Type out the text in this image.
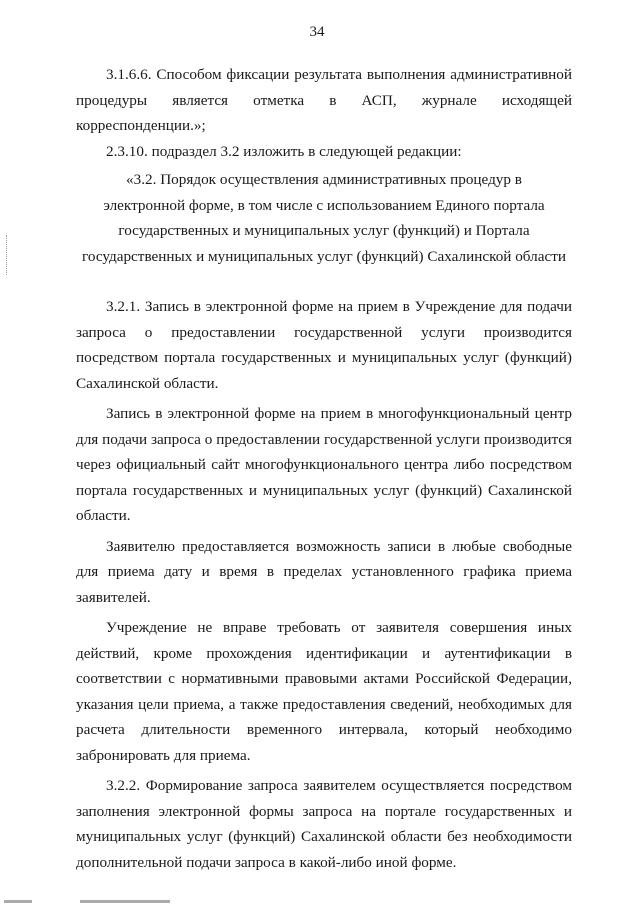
34

3.1.6.6. Способом фиксации результата выполнения административной процедуры является отметка в АСП, журнале исходящей корреспонденции.»;

2.3.10. подраздел 3.2 изложить в следующей редакции:

«3.2. Порядок осуществления административных процедур в
электронной форме, в том числе с использованием Единого портала
государственных и муниципальных услуг (функций) и Портала
государственных и муниципальных услуг (функций) Сахалинской области

3.2.1. Запись в электронной форме на прием в Учреждение для подачи запроса о предоставлении государственной услуги производится посредством портала государственных и муниципальных услуг (функций) Сахалинской области.

Запись в электронной форме на прием в многофункциональный центр для подачи запроса о предоставлении государственной услуги производится через официальный сайт многофункционального центра либо посредством портала государственных и муниципальных услуг (функций) Сахалинской области.

Заявителю предоставляется возможность записи в любые свободные для приема дату и время в пределах установленного графика приема заявителей.

Учреждение не вправе требовать от заявителя совершения иных действий, кроме прохождения идентификации и аутентификации в соответствии с нормативными правовыми актами Российской Федерации, указания цели приема, а также предоставления сведений, необходимых для расчета длительности временного интервала, который необходимо забронировать для приема.

3.2.2. Формирование запроса заявителем осуществляется посредством заполнения электронной формы запроса на портале государственных и муниципальных услуг (функций) Сахалинской области без необходимости дополнительной подачи запроса в какой-либо иной форме.
